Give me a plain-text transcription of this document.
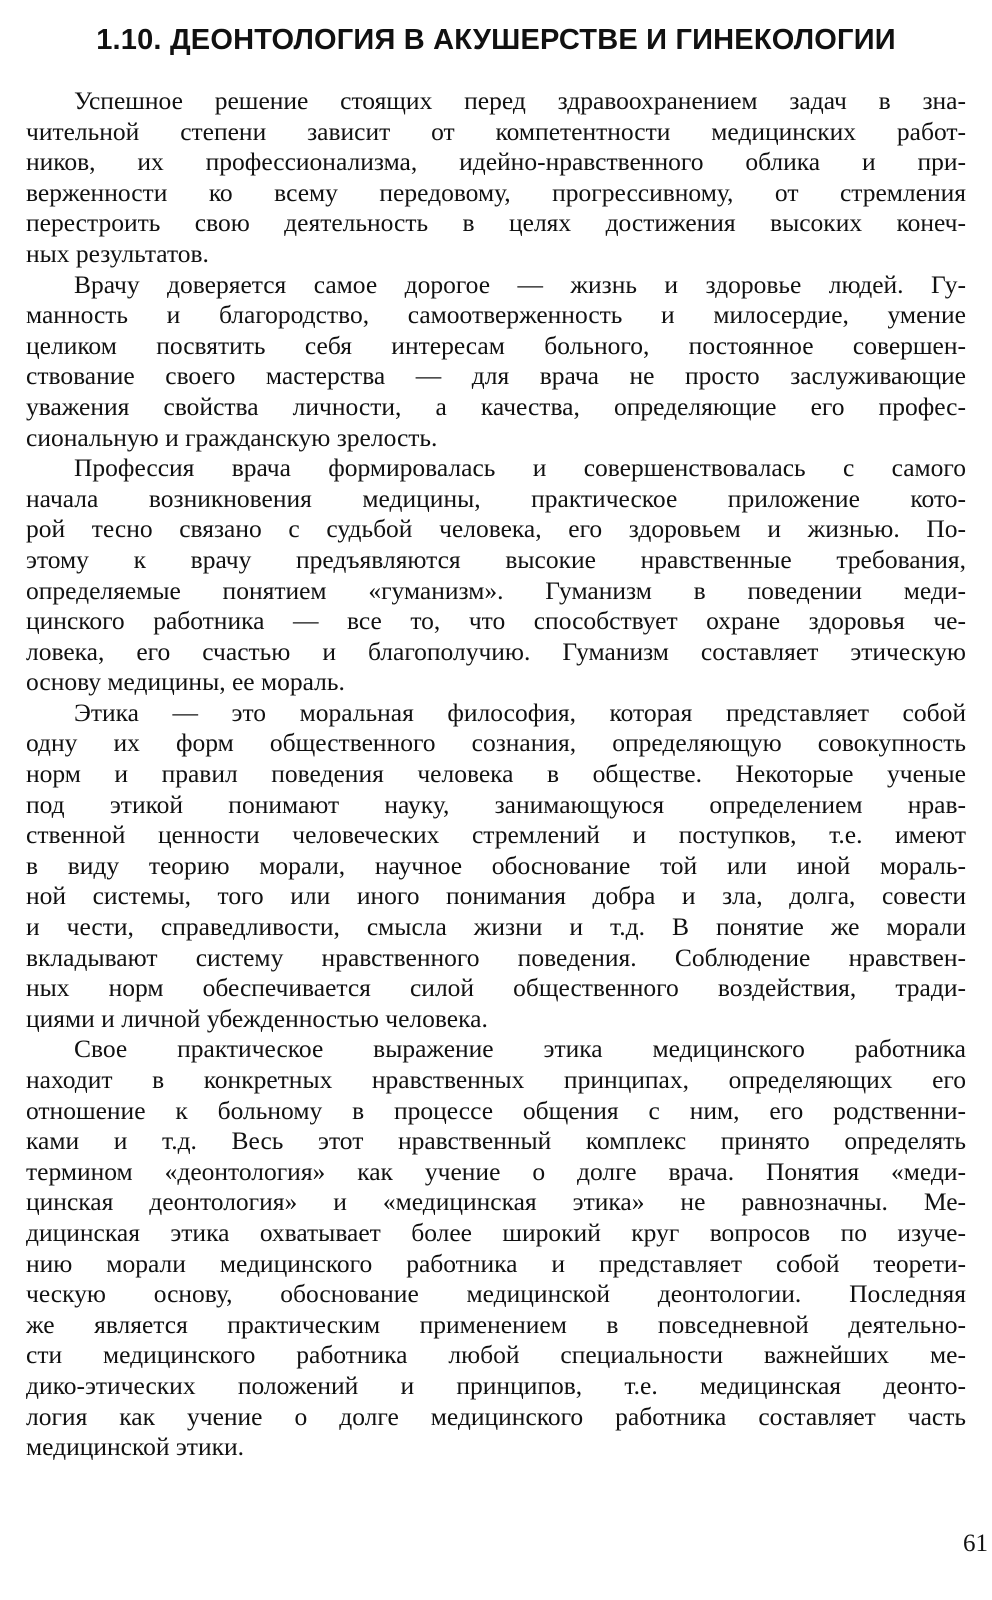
1.10. ДЕОНТОЛОГИЯ В АКУШЕРСТВЕ И ГИНЕКОЛОГИИ

Успешное решение стоящих перед здравоохранением задач в зна-
чительной степени зависит от компетентности медицинских работ-
ников, их профессионализма, идейно-нравственного облика и при-
верженности ко всему передовому, прогрессивному, от стремления
перестроить свою деятельность в целях достижения высоких конеч-
ных результатов.

Врачу доверяется самое дорогое — жизнь и здоровье людей. Гу-
манность и благородство, самоотверженность и милосердие, умение
целиком посвятить себя интересам больного, постоянное совершен-
ствование своего мастерства — для врача не просто заслуживающие
уважения свойства личности, а качества, определяющие его профес-
сиональную и гражданскую зрелость.

Профессия врача формировалась и совершенствовалась с самого
начала возникновения медицины, практическое приложение кото-
рой тесно связано с судьбой человека, его здоровьем и жизнью. По-
этому к врачу предъявляются высокие нравственные требования,
определяемые понятием «гуманизм». Гуманизм в поведении меди-
цинского работника — все то, что способствует охране здоровья че-
ловека, его счастью и благополучию. Гуманизм составляет этическую
основу медицины, ее мораль.

Этика — это моральная философия, которая представляет собой
одну их форм общественного сознания, определяющую совокупность
норм и правил поведения человека в обществе. Некоторые ученые
под этикой понимают науку, занимающуюся определением нрав-
ственной ценности человеческих стремлений и поступков, т.е. имеют
в виду теорию морали, научное обоснование той или иной мораль-
ной системы, того или иного понимания добра и зла, долга, совести
и чести, справедливости, смысла жизни и т.д. В понятие же морали
вкладывают систему нравственного поведения. Соблюдение нравствен-
ных норм обеспечивается силой общественного воздействия, тради-
циями и личной убежденностью человека.

Свое практическое выражение этика медицинского работника
находит в конкретных нравственных принципах, определяющих его
отношение к больному в процессе общения с ним, его родственни-
ками и т.д. Весь этот нравственный комплекс принято определять
термином «деонтология» как учение о долге врача. Понятия «меди-
цинская деонтология» и «медицинская этика» не равнозначны. Ме-
дицинская этика охватывает более широкий круг вопросов по изуче-
нию морали медицинского работника и представляет собой теорети-
ческую основу, обоснование медицинской деонтологии. Последняя
же является практическим применением в повседневной деятельно-
сти медицинского работника любой специальности важнейших ме-
дико-этических положений и принципов, т.е. медицинская деонто-
логия как учение о долге медицинского работника составляет часть
медицинской этики.

61
